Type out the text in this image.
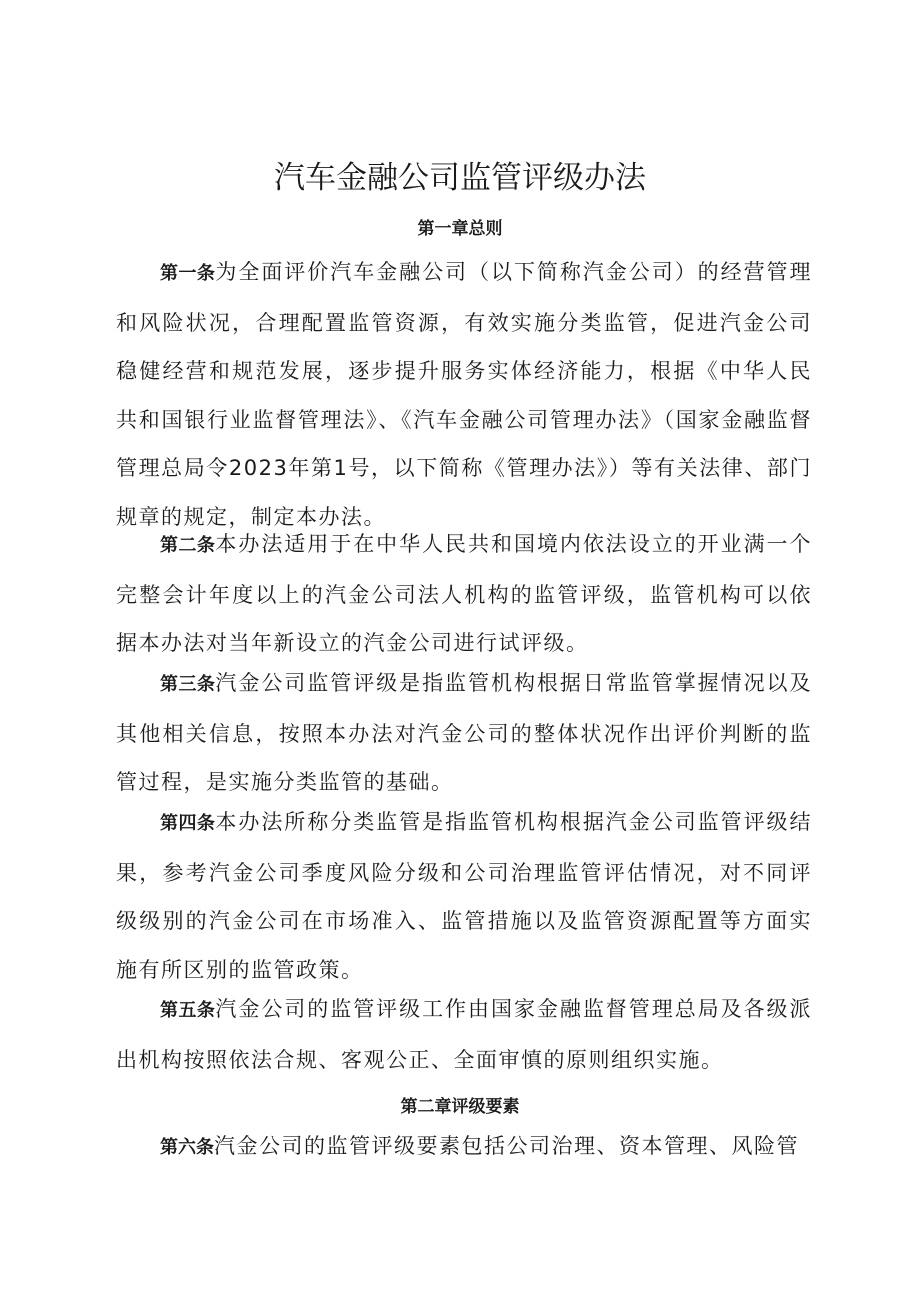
汽车金融公司监管评级办法
第一章总则

第一条为全面评价汽车金融公司（以下简称汽金公司）的经营管理和风险状况，合理配置监管资源，有效实施分类监管，促进汽金公司稳健经营和规范发展，逐步提升服务实体经济能力，根据《中华人民共和国银行业监督管理法》、《汽车金融公司管理办法》（国家金融监督管理总局令2023年第1号，以下简称《管理办法》）等有关法律、部门规章的规定，制定本办法。

第二条本办法适用于在中华人民共和国境内依法设立的开业满一个完整会计年度以上的汽金公司法人机构的监管评级，监管机构可以依据本办法对当年新设立的汽金公司进行试评级。

第三条汽金公司监管评级是指监管机构根据日常监管掌握情况以及其他相关信息，按照本办法对汽金公司的整体状况作出评价判断的监管过程，是实施分类监管的基础。

第四条本办法所称分类监管是指监管机构根据汽金公司监管评级结果，参考汽金公司季度风险分级和公司治理监管评估情况，对不同评级级别的汽金公司在市场准入、监管措施以及监管资源配置等方面实施有所区别的监管政策。

第五条汽金公司的监管评级工作由国家金融监督管理总局及各级派出机构按照依法合规、客观公正、全面审慎的原则组织实施。

第二章评级要素

第六条汽金公司的监管评级要素包括公司治理、资本管理、风险管
